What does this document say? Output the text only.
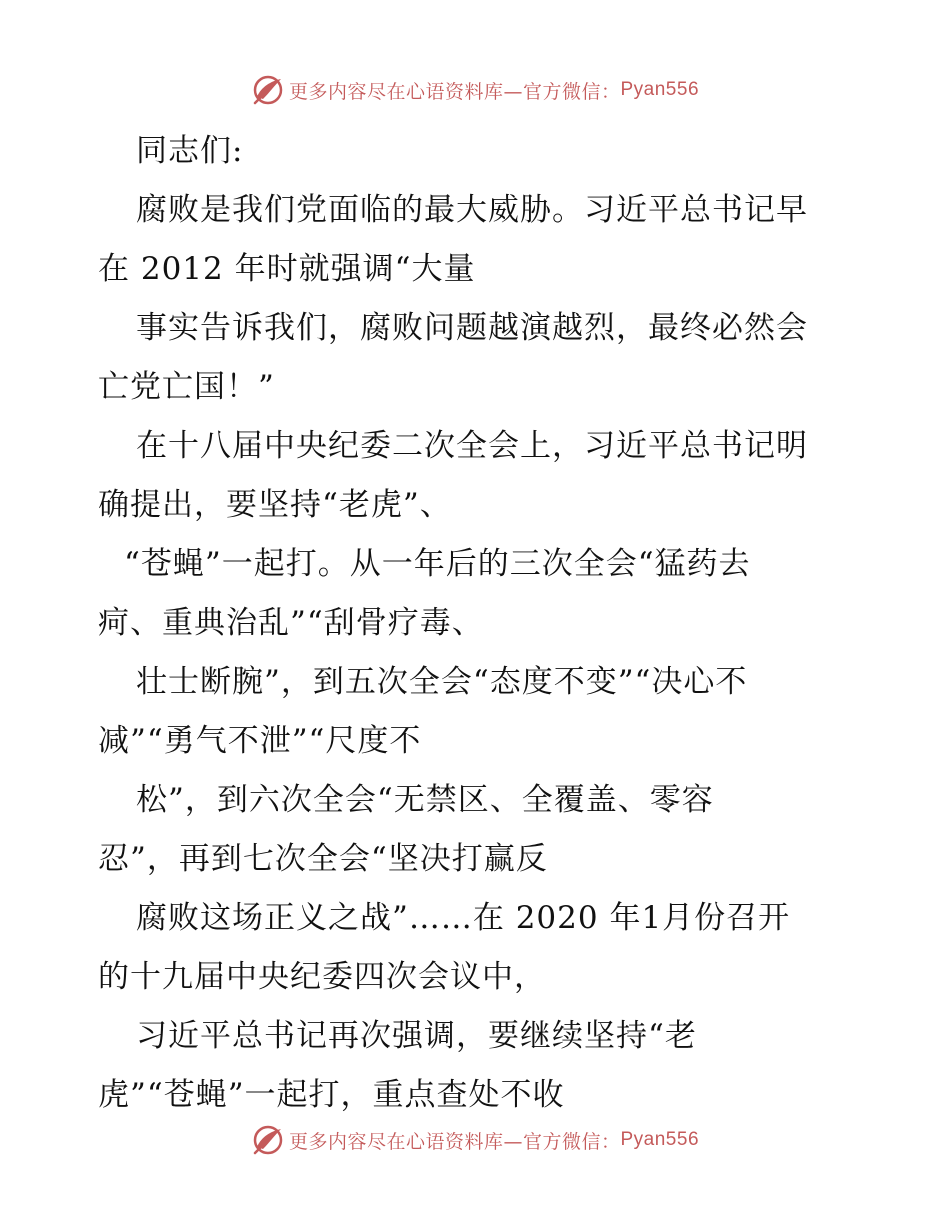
更多内容尽在心语资料库—官方微信： Pyan556
同志们:
腐败是我们党面临的最大威胁。习近平总书记早
在 2012 年时就强调“大量
事实告诉我们，腐败问题越演越烈，最终必然会
亡党亡国！”
在十八届中央纪委二次全会上，习近平总书记明
确提出，要坚持“老虎”、
“苍蝇”一起打。从一年后的三次全会“猛药去
疴、重典治乱”“刮骨疗毒、
壮士断腕”，到五次全会“态度不变”“决心不
减”“勇气不泄”“尺度不
松”，到六次全会“无禁区、全覆盖、零容
忍”，再到七次全会“坚决打赢反
腐败这场正义之战”……在 2020 年1月份召开
的十九届中央纪委四次会议中，
习近平总书记再次强调，要继续坚持“老
虎”“苍蝇”一起打，重点查处不收
更多内容尽在心语资料库—官方微信： Pyan556
